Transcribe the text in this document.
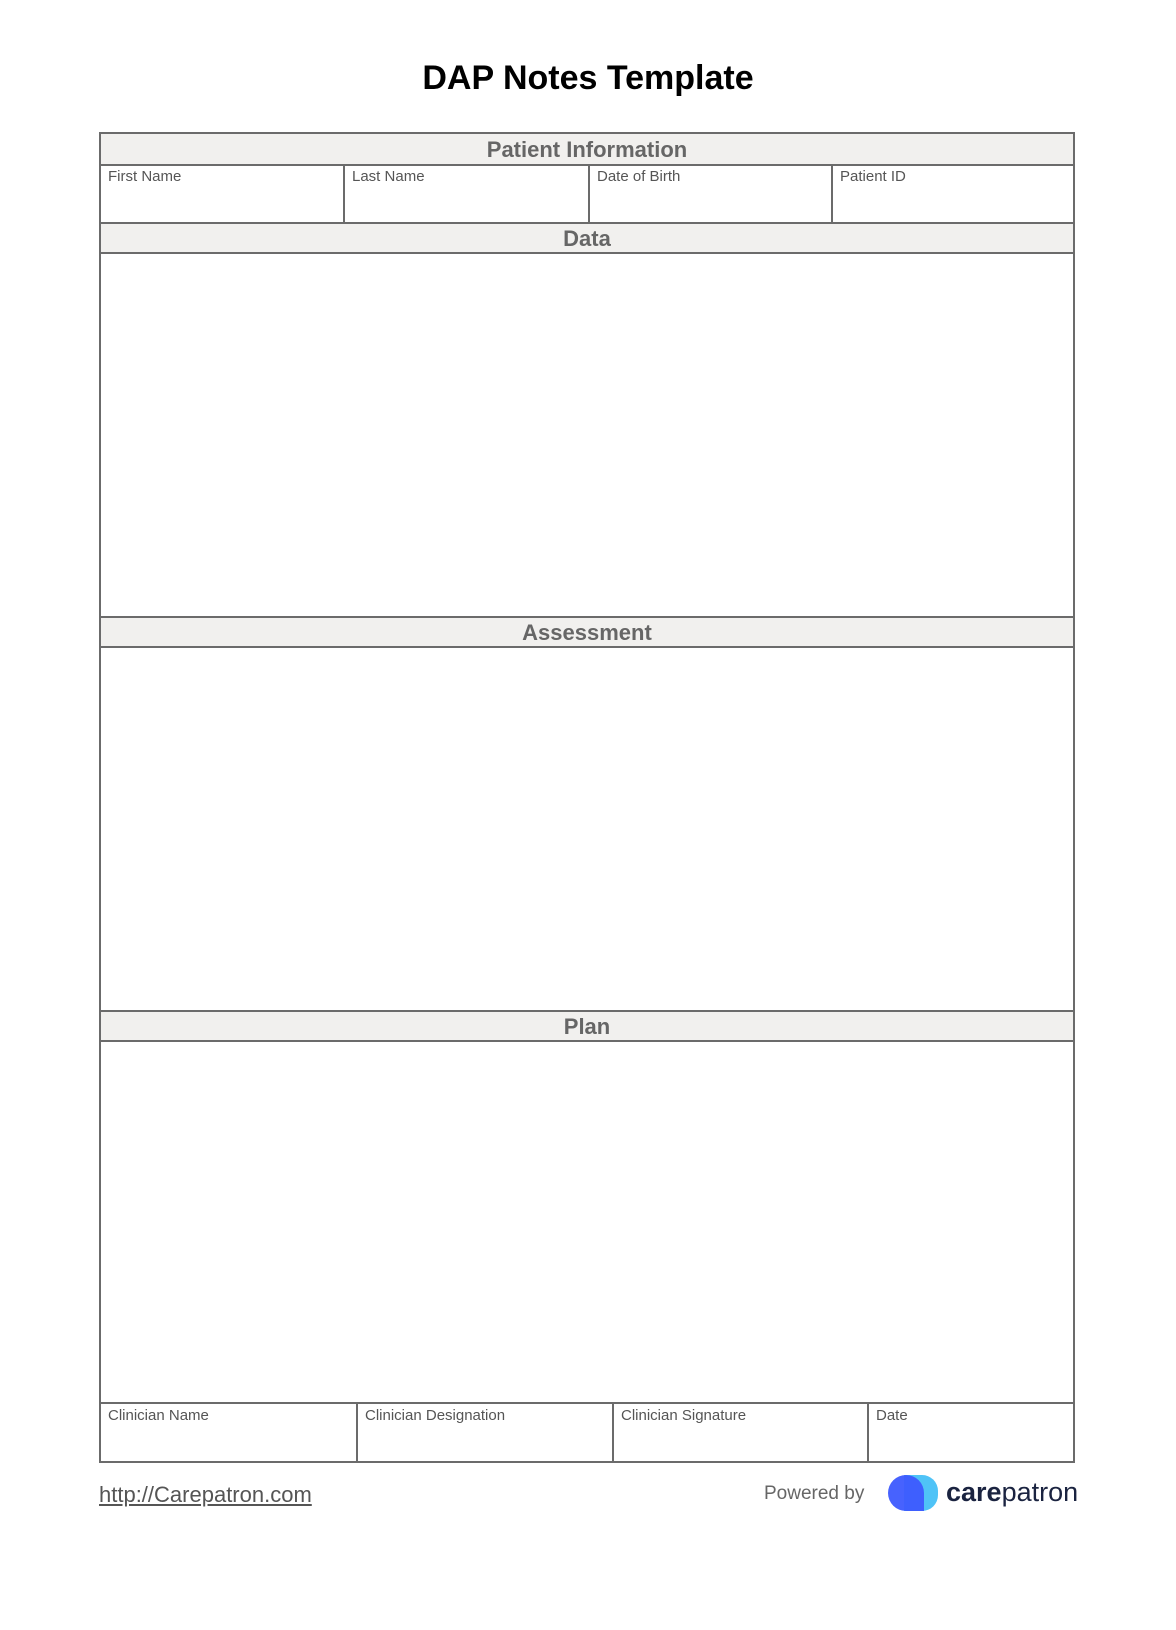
DAP Notes Template
Patient Information
First Name	Last Name	Date of Birth	Patient ID
Data
Assessment
Plan
Clinician Name	Clinician Designation	Clinician Signature	Date
http://Carepatron.com	Powered by	carepatron
